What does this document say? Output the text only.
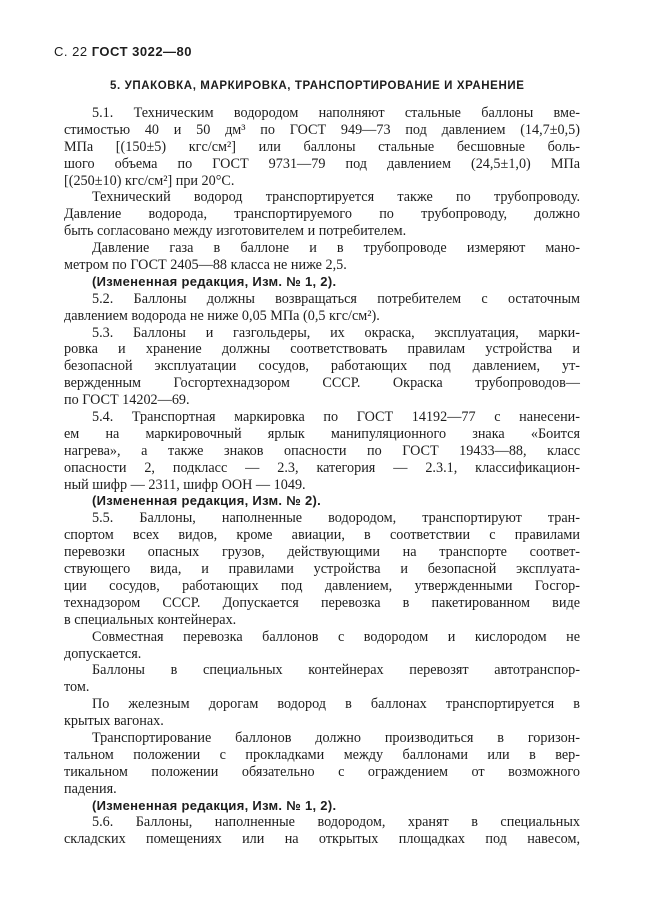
С. 22 ГОСТ 3022—80
5. УПАКОВКА, МАРКИРОВКА, ТРАНСПОРТИРОВАНИЕ И ХРАНЕНИЕ
5.1. Техническим водородом наполняют стальные баллоны вме-
стимостью 40 и 50 дм³ по ГОСТ 949—73 под давлением (14,7±0,5)
МПа [(150±5) кгс/см²] или баллоны стальные бесшовные боль-
шого объема по ГОСТ 9731—79 под давлением (24,5±1,0) МПа
[(250±10) кгс/см²] при 20°С.
Технический водород транспортируется также по трубопроводу.
Давление водорода, транспортируемого по трубопроводу, должно
быть согласовано между изготовителем и потребителем.
Давление газа в баллоне и в трубопроводе измеряют мано-
метром по ГОСТ 2405—88 класса не ниже 2,5.
(Измененная редакция, Изм. № 1, 2).
5.2. Баллоны должны возвращаться потребителем с остаточным
давлением водорода не ниже 0,05 МПа (0,5 кгс/см²).
5.3. Баллоны и газгольдеры, их окраска, эксплуатация, марки-
ровка и хранение должны соответствовать правилам устройства и
безопасной эксплуатации сосудов, работающих под давлением, ут-
вержденным Госгортехнадзором СССР. Окраска трубопроводов—
по ГОСТ 14202—69.
5.4. Транспортная маркировка по ГОСТ 14192—77 с нанесени-
ем на маркировочный ярлык манипуляционного знака «Боится
нагрева», а также знаков опасности по ГОСТ 19433—88, класс
опасности 2, подкласс — 2.3, категория — 2.3.1, классификацион-
ный шифр — 2311, шифр ООН — 1049.
(Измененная редакция, Изм. № 2).
5.5. Баллоны, наполненные водородом, транспортируют тран-
спортом всех видов, кроме авиации, в соответствии с правилами
перевозки опасных грузов, действующими на транспорте соответ-
ствующего вида, и правилами устройства и безопасной эксплуата-
ции сосудов, работающих под давлением, утвержденными Госгор-
технадзором СССР. Допускается перевозка в пакетированном виде
в специальных контейнерах.
Совместная перевозка баллонов с водородом и кислородом не
допускается.
Баллоны в специальных контейнерах перевозят автотранспор-
том.
По железным дорогам водород в баллонах транспортируется в
крытых вагонах.
Транспортирование баллонов должно производиться в горизон-
тальном положении с прокладками между баллонами или в вер-
тикальном положении обязательно с ограждением от возможного
падения.
(Измененная редакция, Изм. № 1, 2).
5.6. Баллоны, наполненные водородом, хранят в специальных
складских помещениях или на открытых площадках под навесом,
